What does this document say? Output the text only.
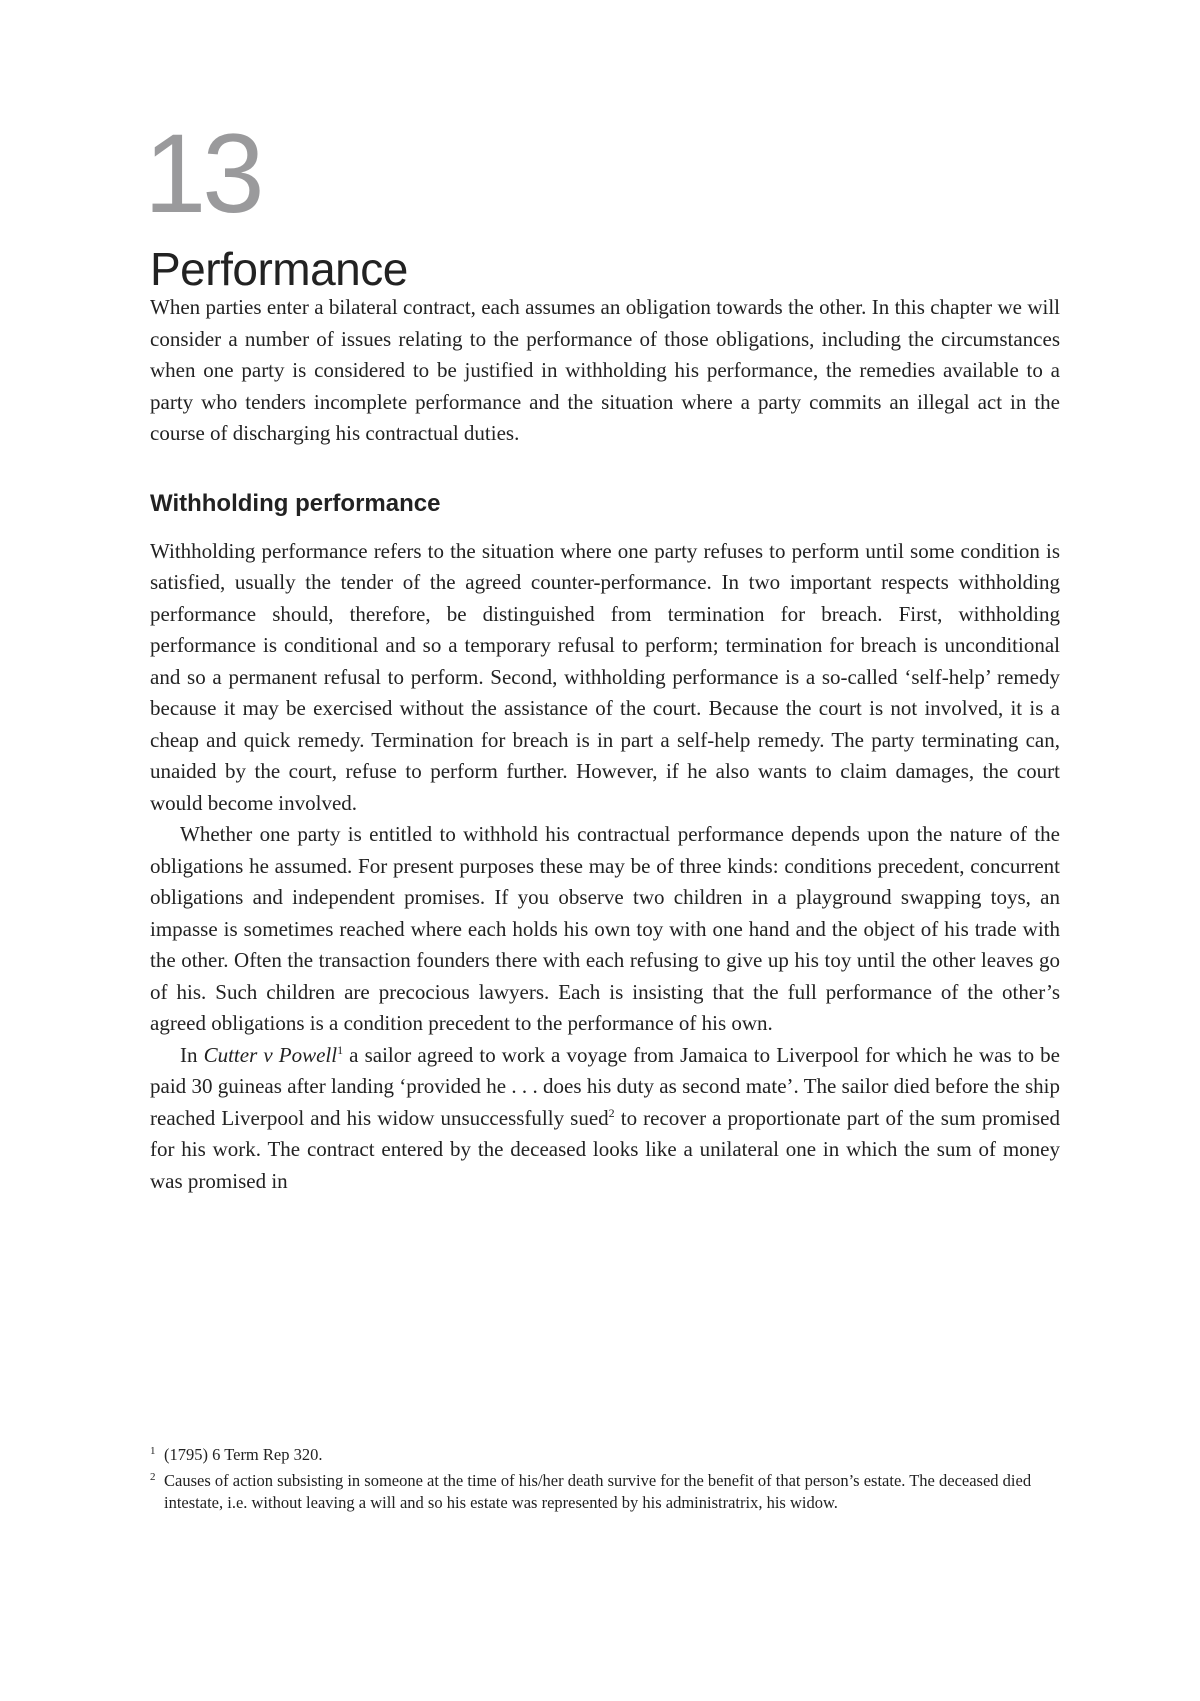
13
Performance

When parties enter a bilateral contract, each assumes an obligation towards the other. In this chapter we will consider a number of issues relating to the performance of those obligations, including the circumstances when one party is considered to be justified in withholding his performance, the remedies available to a party who tenders incomplete performance and the situation where a party commits an illegal act in the course of discharging his contractual duties.

Withholding performance

Withholding performance refers to the situation where one party refuses to perform until some condition is satisfied, usually the tender of the agreed counter-performance. In two important respects withholding performance should, therefore, be distinguished from termination for breach. First, withholding performance is conditional and so a temporary refusal to perform; termination for breach is unconditional and so a permanent refusal to perform. Second, withholding performance is a so-called ‘self-help’ remedy because it may be exercised without the assistance of the court. Because the court is not involved, it is a cheap and quick remedy. Termination for breach is in part a self-help remedy. The party terminating can, unaided by the court, refuse to perform further. However, if he also wants to claim damages, the court would become involved.

Whether one party is entitled to withhold his contractual performance depends upon the nature of the obligations he assumed. For present purposes these may be of three kinds: conditions precedent, concurrent obligations and independent promises. If you observe two children in a playground swapping toys, an impasse is sometimes reached where each holds his own toy with one hand and the object of his trade with the other. Often the transaction founders there with each refusing to give up his toy until the other leaves go of his. Such children are precocious lawyers. Each is insisting that the full performance of the other’s agreed obligations is a condition precedent to the performance of his own.

In Cutter v Powell$^1$ a sailor agreed to work a voyage from Jamaica to Liverpool for which he was to be paid 30 guineas after landing ‘provided he . . . does his duty as second mate’. The sailor died before the ship reached Liverpool and his widow unsuccessfully sued$^2$ to recover a proportionate part of the sum promised for his work. The contract entered by the deceased looks like a unilateral one in which the sum of money was promised in

1 (1795) 6 Term Rep 320.
2 Causes of action subsisting in someone at the time of his/her death survive for the benefit of that person’s estate. The deceased died intestate, i.e. without leaving a will and so his estate was represented by his administratrix, his widow.
